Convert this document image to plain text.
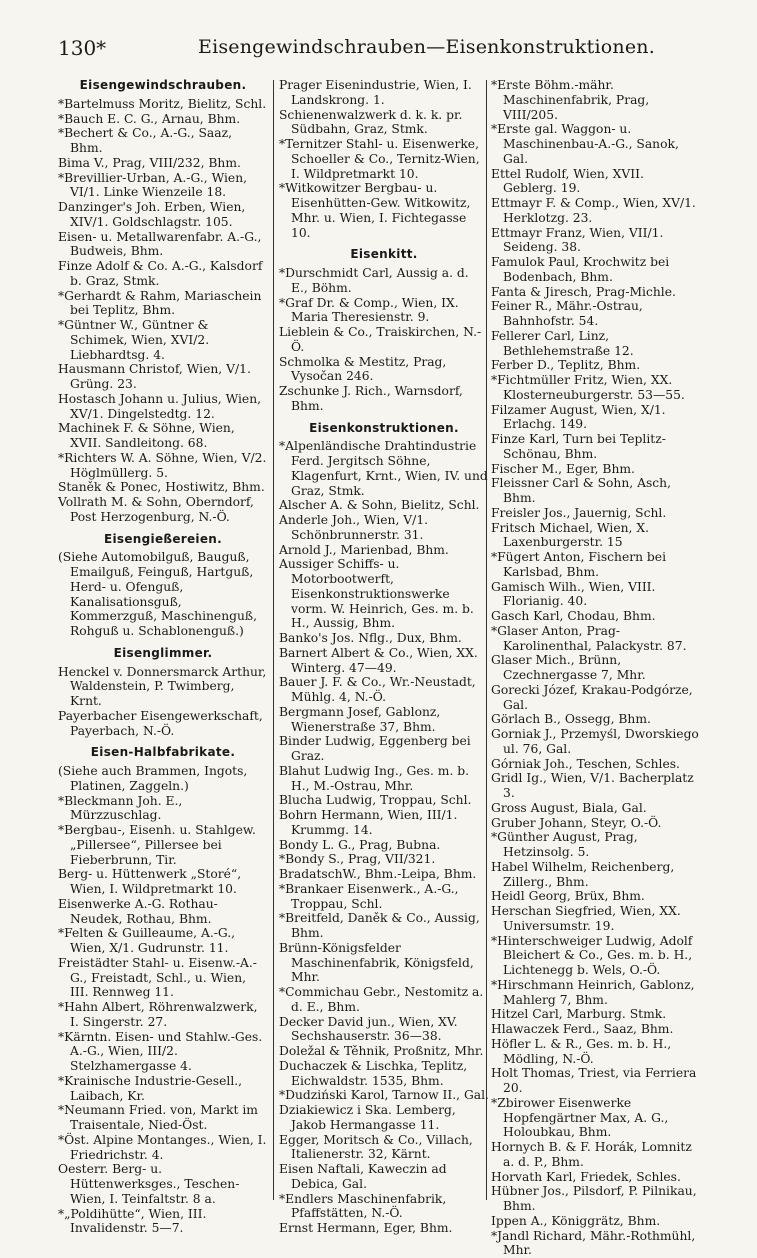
130*	Eisengewindschrauben—Eisenkonstruktionen.
Eisengewindschrauben.
*Bartelmuss Moritz, Bielitz, Schl.
*Bauch E. C. G., Arnau, Bhm.
*Bechert & Co., A.-G., Saaz, Bhm.
Bima V., Prag, VIII/232, Bhm.
*Brevillier-Urban, A.-G., Wien, VI/1. Linke Wienzeile 18.
Danzinger's Joh. Erben, Wien, XIV/1. Goldschlagstr. 105.
Eisen- u. Metallwarenfabr. A.-G., Budweis, Bhm.
Finze Adolf & Co. A.-G., Kalsdorf b. Graz, Stmk.
*Gerhardt & Rahm, Mariaschein bei Teplitz, Bhm.
*Güntner W., Güntner & Schimek, Wien, XVI/2. Liebhardtsg. 4.
Hausmann Christof, Wien, V/1. Grüng. 23.
Hostasch Johann u. Julius, Wien, XV/1. Dingelstedtg. 12.
Machinek F. & Söhne, Wien, XVII. Sandleitong. 68.
*Richters W. A. Söhne, Wien, V/2. Höglmüllerg. 5.
Staněk & Ponec, Hostiwitz, Bhm.
Vollrath M. & Sohn, Oberndorf, Post Herzogenburg, N.-Ö.
Eisengießereien.
(Siehe Automobilguß, Bauguß, Emailguß, Feinguß, Hartguß, Herd- u. Ofenguß, Kanalisationsguß, Kommerzguß, Maschinenguß, Rohguß u. Schablonenguß.)
Eisenglimmer.
Henckel v. Donnersmarck Arthur, Waldenstein, P. Twimberg, Krnt.
Payerbacher Eisengewerkschaft, Payerbach, N.-Ö.
Eisen-Halbfabrikate.
(Siehe auch Brammen, Ingots, Platinen, Zaggeln.)
*Bleckmann Joh. E., Mürzzuschlag.
*Bergbau-, Eisenh. u. Stahlgew. „Pillersee“, Pillersee bei Fieberbrunn, Tir.
Berg- u. Hüttenwerk „Storé“, Wien, I. Wildpretmarkt 10.
Eisenwerke A.-G. Rothau-Neudek, Rothau, Bhm.
*Felten & Guilleaume, A.-G., Wien, X/1. Gudrunstr. 11.
Freistädter Stahl- u. Eisenw.-A.-G., Freistadt, Schl., u. Wien, III. Rennweg 11.
*Hahn Albert, Röhrenwalzwerk, I. Singerstr. 27.
*Kärntn. Eisen- und Stahlw.-Ges. A.-G., Wien, III/2. Stelzhamergasse 4.
*Krainische Industrie-Gesell., Laibach, Kr.
*Neumann Fried. von, Markt im Traisentale, Nied-Öst.
*Öst. Alpine Montanges., Wien, I. Friedrichstr. 4.
Oesterr. Berg- u. Hüttenwerksges., Teschen-Wien, I. Teinfaltstr. 8 a.
*„Poldihütte“, Wien, III. Invalidenstr. 5—7.
Prager Eisenindustrie, Wien, I. Landskrong. 1.
Schienenwalzwerk d. k. k. pr. Südbahn, Graz, Stmk.
*Ternitzer Stahl- u. Eisenwerke, Schoeller & Co., Ternitz-Wien, I. Wildpretmarkt 10.
*Witkowitzer Bergbau- u. Eisenhütten-Gew. Witkowitz, Mhr. u. Wien, I. Fichtegasse 10.
Eisenkitt.
*Durschmidt Carl, Aussig a. d. E., Böhm.
*Graf Dr. & Comp., Wien, IX. Maria Theresienstr. 9.
Lieblein & Co., Traiskirchen, N.-Ö.
Schmolka & Mestitz, Prag, Vysočan 246.
Zschunke J. Rich., Warnsdorf, Bhm.
Eisenkonstruktionen.
*Alpenländische Drahtindustrie Ferd. Jergitsch Söhne, Klagenfurt, Krnt., Wien, IV. und Graz, Stmk.
Alscher A. & Sohn, Bielitz, Schl.
Anderle Joh., Wien, V/1. Schönbrunnerstr. 31.
Arnold J., Marienbad, Bhm.
Aussiger Schiffs- u. Motorbootwerft, Eisenkonstruktionswerke vorm. W. Heinrich, Ges. m. b. H., Aussig, Bhm.
Banko's Jos. Nflg., Dux, Bhm.
Barnert Albert & Co., Wien, XX. Winterg. 47—49.
Bauer J. F. & Co., Wr.-Neustadt, Mühlg. 4, N.-Ö.
Bergmann Josef, Gablonz, Wienerstraße 37, Bhm.
Binder Ludwig, Eggenberg bei Graz.
Blahut Ludwig Ing., Ges. m. b. H., M.-Ostrau, Mhr.
Blucha Ludwig, Troppau, Schl.
Bohrn Hermann, Wien, III/1. Krummg. 14.
Bondy L. G., Prag, Bubna.
*Bondy S., Prag, VII/321.
BradatschW., Bhm.-Leipa, Bhm.
*Brankaer Eisenwerk., A.-G., Troppau, Schl.
*Breitfeld, Daněk & Co., Aussig, Bhm.
Brünn-Königsfelder Maschinenfabrik, Königsfeld, Mhr.
*Commichau Gebr., Nestomitz a. d. E., Bhm.
Decker David jun., Wien, XV. Sechshauserstr. 36—38.
Doležal & Těhnik, Proßnitz, Mhr.
Duchaczek & Lischka, Teplitz, Eichwaldstr. 1535, Bhm.
*Dudziński Karol, Tarnow II., Gal.
Dziakiewicz i Ska. Lemberg, Jakob Hermangasse 11.
Egger, Moritsch & Co., Villach, Italienerstr. 32, Kärnt.
Eisen Naftali, Kaweczin ad Debica, Gal.
*Endlers Maschinenfabrik, Pfaffstätten, N.-Ö.
Ernst Hermann, Eger, Bhm.
*Erste Böhm.-mähr. Maschinenfabrik, Prag, VIII/205.
*Erste gal. Waggon- u. Maschinenbau-A.-G., Sanok, Gal.
Ettel Rudolf, Wien, XVII. Geblerg. 19.
Ettmayr F. & Comp., Wien, XV/1. Herklotzg. 23.
Ettmayr Franz, Wien, VII/1. Seideng. 38.
Famulok Paul, Krochwitz bei Bodenbach, Bhm.
Fanta & Jiresch, Prag-Michle.
Feiner R., Mähr.-Ostrau, Bahnhofstr. 54.
Fellerer Carl, Linz, Bethlehemstraße 12.
Ferber D., Teplitz, Bhm.
*Fichtmüller Fritz, Wien, XX. Klosterneuburgerstr. 53—55.
Filzamer August, Wien, X/1. Erlachg. 149.
Finze Karl, Turn bei Teplitz-Schönau, Bhm.
Fischer M., Eger, Bhm.
Fleissner Carl & Sohn, Asch, Bhm.
Freisler Jos., Jauernig, Schl.
Fritsch Michael, Wien, X. Laxenburgerstr. 15
*Fügert Anton, Fischern bei Karlsbad, Bhm.
Gamisch Wilh., Wien, VIII. Florianig. 40.
Gasch Karl, Chodau, Bhm.
*Glaser Anton, Prag-Karolinenthal, Palackystr. 87.
Glaser Mich., Brünn, Czechnergasse 7, Mhr.
Gorecki Józef, Krakau-Podgórze, Gal.
Görlach B., Ossegg, Bhm.
Gorniak J., Przemyśl, Dworskiego ul. 76, Gal.
Górniak Joh., Teschen, Schles.
Gridl Ig., Wien, V/1. Bacherplatz 3.
Gross August, Biala, Gal.
Gruber Johann, Steyr, O.-Ö.
*Günther August, Prag, Hetzinsolg. 5.
Habel Wilhelm, Reichenberg, Zillerg., Bhm.
Heidl Georg, Brüx, Bhm.
Herschan Siegfried, Wien, XX. Universumstr. 19.
*Hinterschweiger Ludwig, Adolf Bleichert & Co., Ges. m. b. H., Lichtenegg b. Wels, O.-Ö.
*Hirschmann Heinrich, Gablonz, Mahlerg 7, Bhm.
Hitzel Carl, Marburg. Stmk.
Hlawaczek Ferd., Saaz, Bhm.
Höfler L. & R., Ges. m. b. H., Mödling, N.-Ö.
Holt Thomas, Triest, via Ferriera 20.
*Zbirower Eisenwerke Hopfengärtner Max, A. G., Holoubkau, Bhm.
Hornych B. & F. Horák, Lomnitz a. d. P., Bhm.
Horvath Karl, Friedek, Schles.
Hübner Jos., Pilsdorf, P. Pilnikau, Bhm.
Ippen A., Königgrätz, Bhm.
*Jandl Richard, Mähr.-Rothmühl, Mhr.
